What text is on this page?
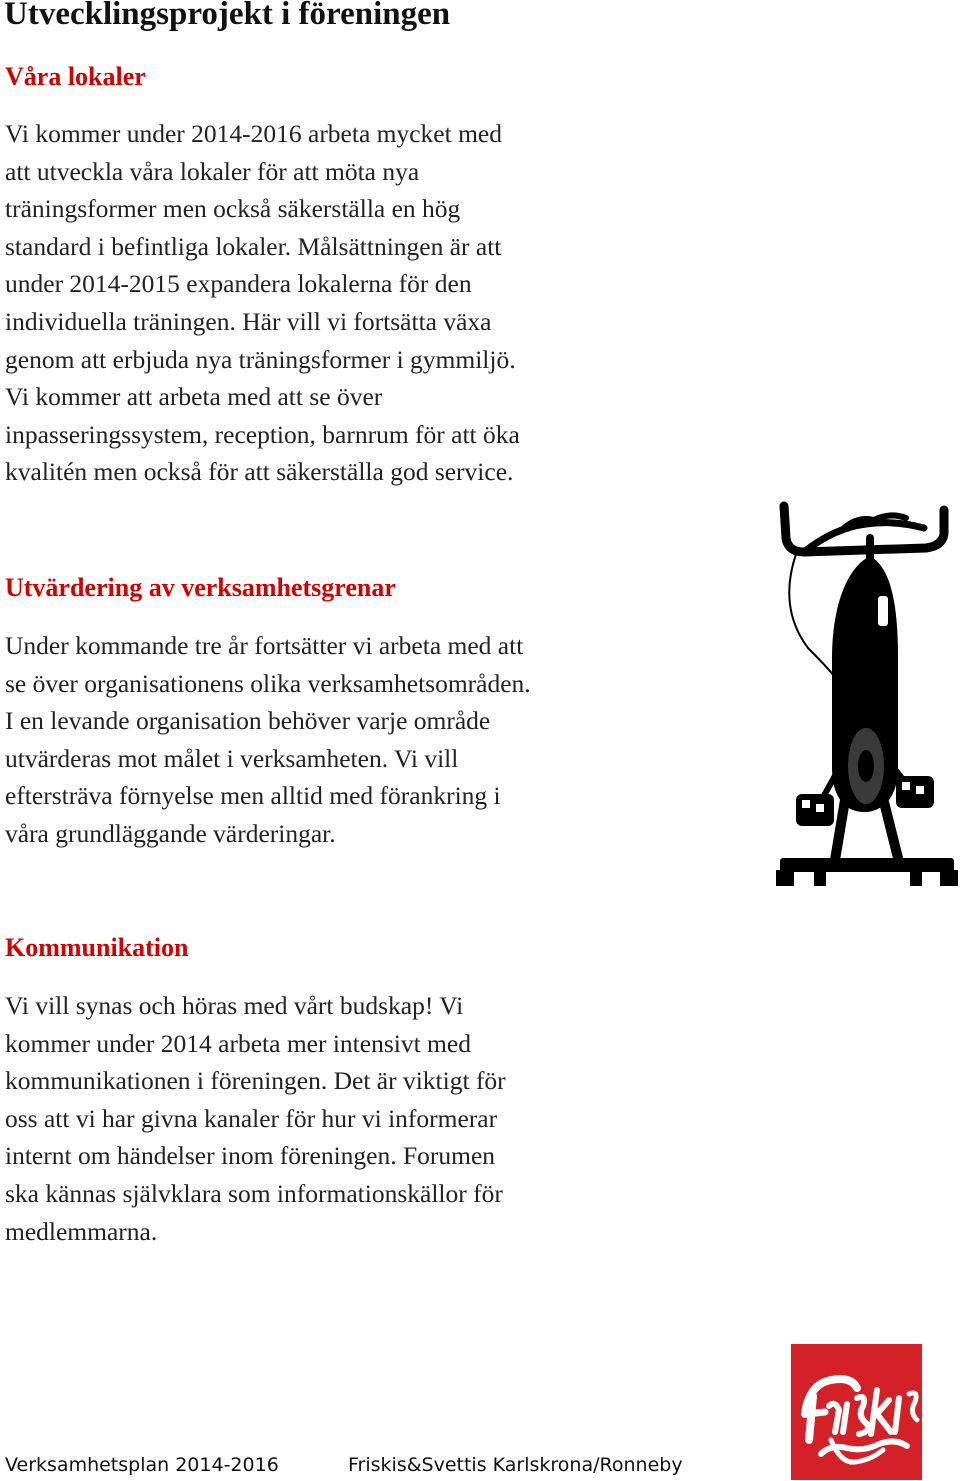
Utvecklingsprojekt i föreningen
Våra lokaler
Vi kommer under 2014-2016 arbeta mycket med
att utveckla våra lokaler för att möta nya
träningsformer men också säkerställa en hög
standard i befintliga lokaler. Målsättningen är att
under 2014-2015 expandera lokalerna för den
individuella träningen. Här vill vi fortsätta växa
genom att erbjuda nya träningsformer i gymmiljö.
Vi kommer att arbeta med att se över
inpasseringssystem, reception, barnrum för att öka
kvalitén men också för att säkerställa god service.
Utvärdering av verksamhetsgrenar
Under kommande tre år fortsätter vi arbeta med att
se över organisationens olika verksamhetsområden.
I en levande organisation behöver varje område
utvärderas mot målet i verksamheten. Vi vill
eftersträva förnyelse men alltid med förankring i
våra grundläggande värderingar.
Kommunikation
Vi vill synas och höras med vårt budskap! Vi
kommer under 2014 arbeta mer intensivt med
kommunikationen i föreningen. Det är viktigt för
oss att vi har givna kanaler för hur vi informerar
internt om händelser inom föreningen. Forumen
ska kännas självklara som informationskällor för
medlemmarna.
Verksamhetsplan 2014-2016	Friskis&Svettis Karlskrona/Ronneby
